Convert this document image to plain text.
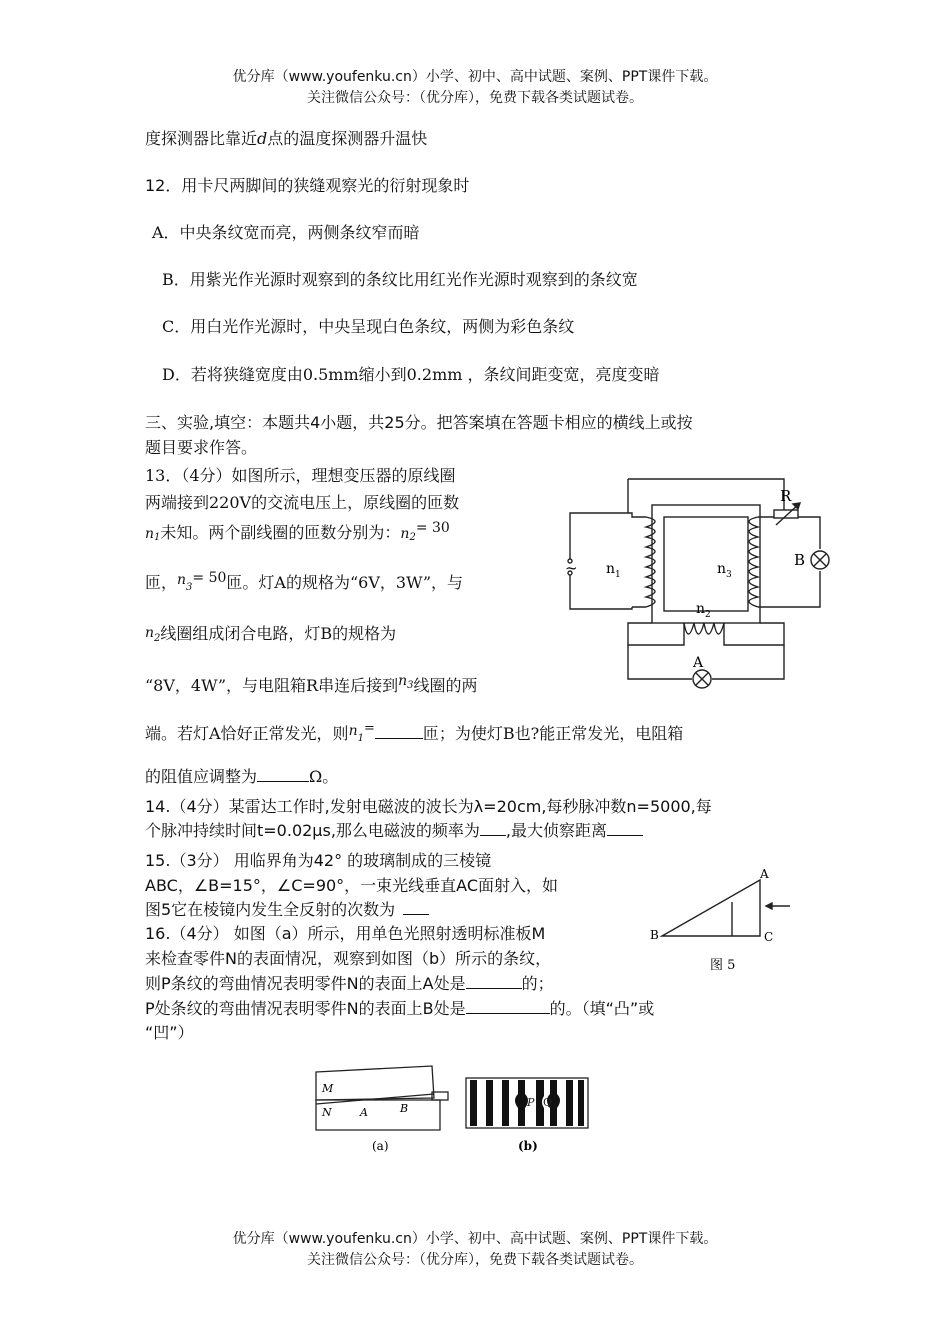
优分库（www.youfenku.cn）小学、初中、高中试题、案例、PPT课件下载。
关注微信公众号：（优分库），免费下载各类试题试卷。
度探测器比靠近d点的温度探测器升温快
12．用卡尺两脚间的狭缝观察光的衍射现象时
A．中央条纹宽而亮，两侧条纹窄而暗
B．用紫光作光源时观察到的条纹比用红光作光源时观察到的条纹宽
C．用白光作光源时，中央呈现白色条纹，两侧为彩色条纹
D．若将狭缝宽度由0.5mm缩小到0.2mm ，条纹间距变宽，亮度变暗
三、实验,填空：本题共4小题，共25分。把答案填在答题卡相应的横线上或按
题目要求作答。
13．（4分）如图所示，理想变压器的原线圈
两端接到220V的交流电压上，原线圈的匝数
$n_1$未知。两个副线圈的匝数分别为：$n_2= 30$
匝，$n_3= 50$匝。灯A的规格为“6V，3W”，与
$n_2$线圈组成闭合电路，灯B的规格为
“8V，4W”，与电阻箱R串连后接到$n^3$线圈的两
端。若灯A恰好正常发光，则$n_1^=$	匝；为使灯B也?能正常发光，电阻箱
的阻值应调整为	Ω。
~
R
B
A
n 1	n 3
n 2
14.（4分）某雷达工作时,发射电磁波的波长为λ=20cm,每秒脉冲数n=5000,每
个脉冲持续时间t=0.02μs,那么电磁波的频率为 ,最大侦察距离
15.（3分） 用临界角为42° 的玻璃制成的三棱镜
ABC，∠B=15°，∠C=90°，一束光线垂直AC面射入，如
图5它在棱镜内发生全反射的次数为
A
B	C
图 5
16.（4分） 如图（a）所示，用单色光照射透明标准板M
来检查零件N的表面情况，观察到如图（b）所示的条纹，
则P条纹的弯曲情况表明零件N的表面上A处是	的；
P处条纹的弯曲情况表明零件N的表面上B处是	的。（填“凸”或
“凹”）
M
N	A	B
(a)
P Q
(b)
优分库（www.youfenku.cn）小学、初中、高中试题、案例、PPT课件下载。
关注微信公众号：（优分库），免费下载各类试题试卷。
